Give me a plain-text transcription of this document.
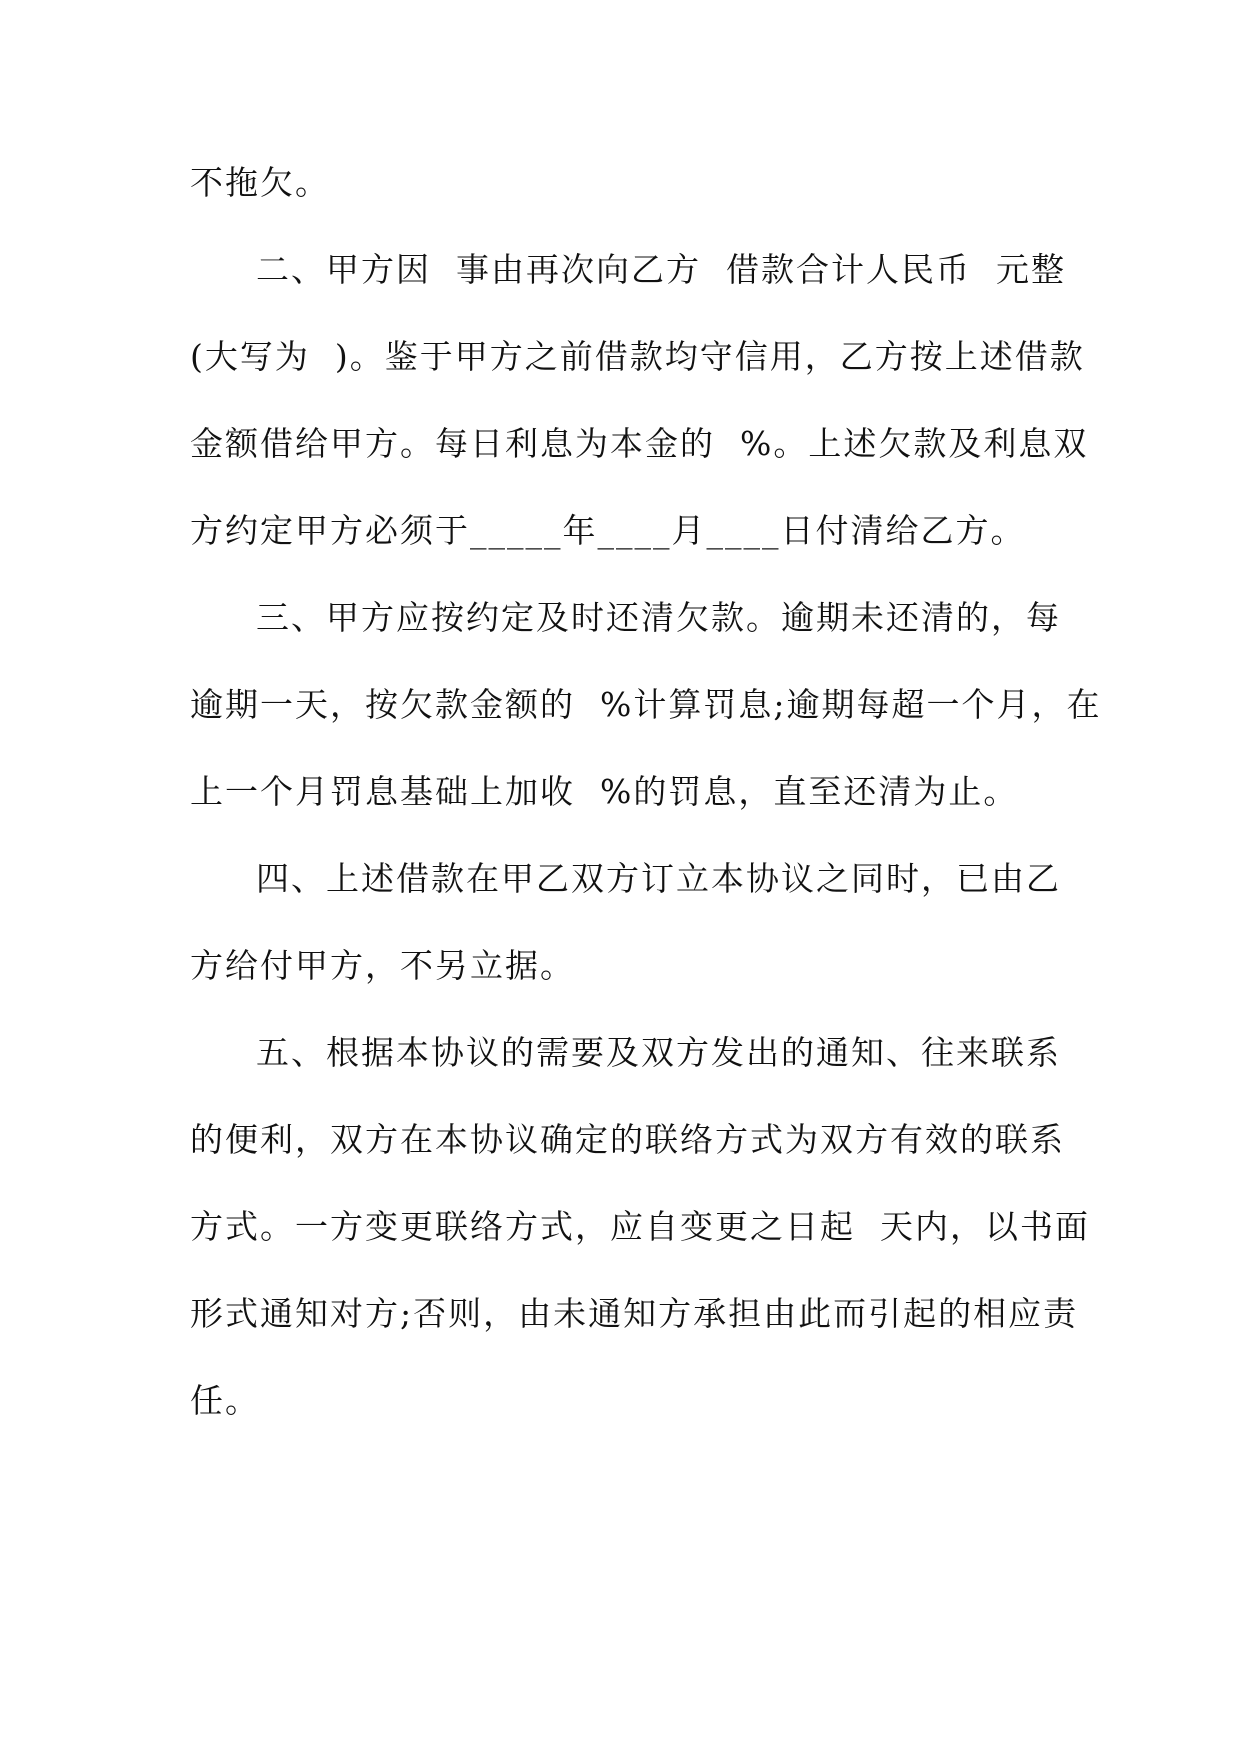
不拖欠。
二、甲方因  事由再次向乙方  借款合计人民币  元整
(大写为  )。鉴于甲方之前借款均守信用，乙方按上述借款
金额借给甲方。每日利息为本金的  %。上述欠款及利息双
方约定甲方必须于_____年____月____日付清给乙方。
三、甲方应按约定及时还清欠款。逾期未还清的，每
逾期一天，按欠款金额的  %计算罚息;逾期每超一个月，在
上一个月罚息基础上加收  %的罚息，直至还清为止。
四、上述借款在甲乙双方订立本协议之同时，已由乙
方给付甲方，不另立据。
五、根据本协议的需要及双方发出的通知、往来联系
的便利，双方在本协议确定的联络方式为双方有效的联系
方式。一方变更联络方式，应自变更之日起  天内，以书面
形式通知对方;否则，由未通知方承担由此而引起的相应责
任。
